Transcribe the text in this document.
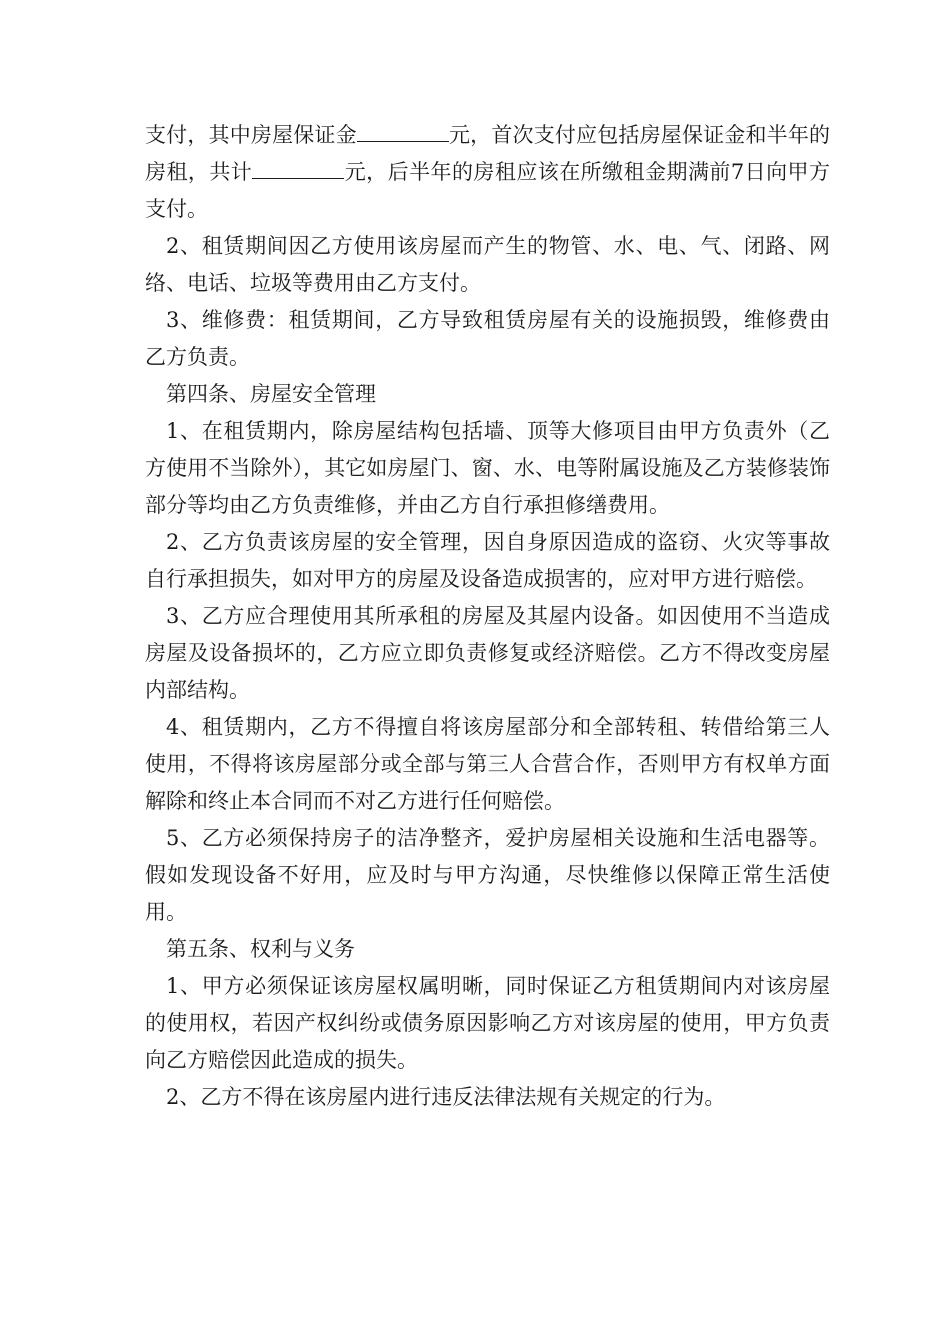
支付，其中房屋保证金	元，首次支付应包括房屋保证金和半年的房租，共计	元，后半年的房租应该在所缴租金期满前7日向甲方支付。

2、租赁期间因乙方使用该房屋而产生的物管、水、电、气、闭路、网络、电话、垃圾等费用由乙方支付。

3、维修费：租赁期间，乙方导致租赁房屋有关的设施损毁，维修费由乙方负责。

第四条、房屋安全管理

1、在租赁期内，除房屋结构包括墙、顶等大修项目由甲方负责外（乙方使用不当除外），其它如房屋门、窗、水、电等附属设施及乙方装修装饰部分等均由乙方负责维修，并由乙方自行承担修缮费用。

2、乙方负责该房屋的安全管理，因自身原因造成的盗窃、火灾等事故自行承担损失，如对甲方的房屋及设备造成损害的，应对甲方进行赔偿。

3、乙方应合理使用其所承租的房屋及其屋内设备。如因使用不当造成房屋及设备损坏的，乙方应立即负责修复或经济赔偿。乙方不得改变房屋内部结构。

4、租赁期内，乙方不得擅自将该房屋部分和全部转租、转借给第三人使用，不得将该房屋部分或全部与第三人合营合作，否则甲方有权单方面解除和终止本合同而不对乙方进行任何赔偿。

5、乙方必须保持房子的洁净整齐，爱护房屋相关设施和生活电器等。假如发现设备不好用，应及时与甲方沟通，尽快维修以保障正常生活使用。

第五条、权利与义务

1、甲方必须保证该房屋权属明晰，同时保证乙方租赁期间内对该房屋的使用权，若因产权纠纷或债务原因影响乙方对该房屋的使用，甲方负责向乙方赔偿因此造成的损失。

2、乙方不得在该房屋内进行违反法律法规有关规定的行为。
